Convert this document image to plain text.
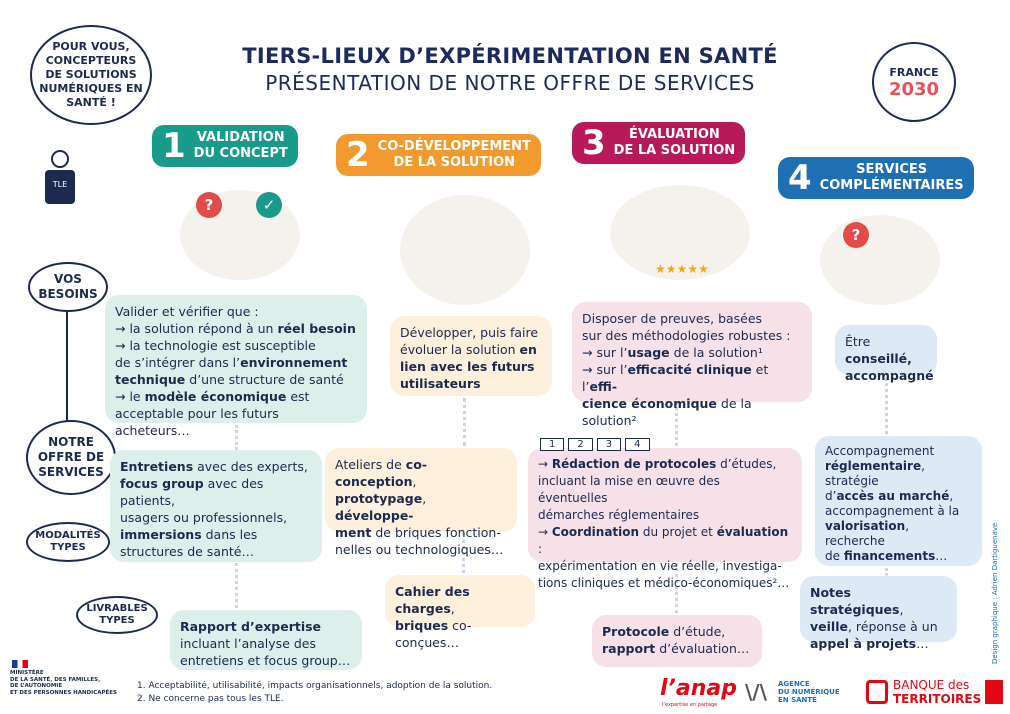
TIERS-LIEUX D’EXPÉRIMENTATION EN SANTÉ
PRÉSENTATION DE NOTRE OFFRE DE SERVICES
POUR VOUS, CONCEPTEURS DE SOLUTIONS NUMÉRIQUES EN SANTÉ !
TLE
FRANCE
2030
1 VALIDATION
DU CONCEPT 2 CO-DÉVELOPPEMENT
DE LA SOLUTION	3	ÉVALUATION
DE LA SOLUTION
4	SERVICES
COMPLÉMENTAIRES
?	✓
★★★★★
?
VOS
BESOINS
NOTRE
OFFRE DE
SERVICES
MODALITÉS
TYPES
LIVRABLES
TYPES
Valider et vérifier que :
→ la solution répond à un réel besoin
→ la technologie est susceptible
de s’intégrer dans l’environnement technique d’une structure de santé
→ le modèle économique est acceptable pour les futurs acheteurs…
Développer, puis faire évoluer la solution en lien avec les futurs utilisateurs
Disposer de preuves, basées
sur des méthodologies robustes :
→ sur l’usage de la solution¹
→ sur l’efficacité clinique et l’effi-
cience économique de la solution²
Être conseillé,
accompagné
Entretiens avec des experts,
focus group avec des patients,
usagers ou professionnels,
immersions dans les
structures de santé…
Ateliers de co-conception,
prototypage, développe-
ment de briques fonction-
nelles ou technologiques…
→ Rédaction de protocoles d’études,
incluant la mise en œuvre des éventuelles
démarches réglementaires
→ Coordination du projet et évaluation :
expérimentation en vie réelle, investiga-
tions cliniques et médico-économiques²…
1	2	3	4	Accompagnement
réglementaire, stratégie
d’accès au marché,
accompagnement à la
valorisation, recherche
de financements…
Rapport d’expertise
incluant l’analyse des
entretiens et focus group…
Cahier des charges,
briques co-conçues…
Protocole d’étude,
rapport d’évaluation…
Notes stratégiques,
veille, réponse à un
appel à projets…
MINISTÈRE
DE LA SANTÉ, DES FAMILLES,
DE L’AUTONOMIE
ET DES PERSONNES HANDICAPÉES
1. Acceptabilité, utilisabilité, impacts organisationnels, adoption de la solution.
2. Ne concerne pas tous les TLE.	l’anap
l’expertise en partage
\/\ AGENCE
DU NUMÉRIQUE
EN SANTÉ
BANQUE des
TERRITOIRES
Design graphique : Adrien Dartiguenave
